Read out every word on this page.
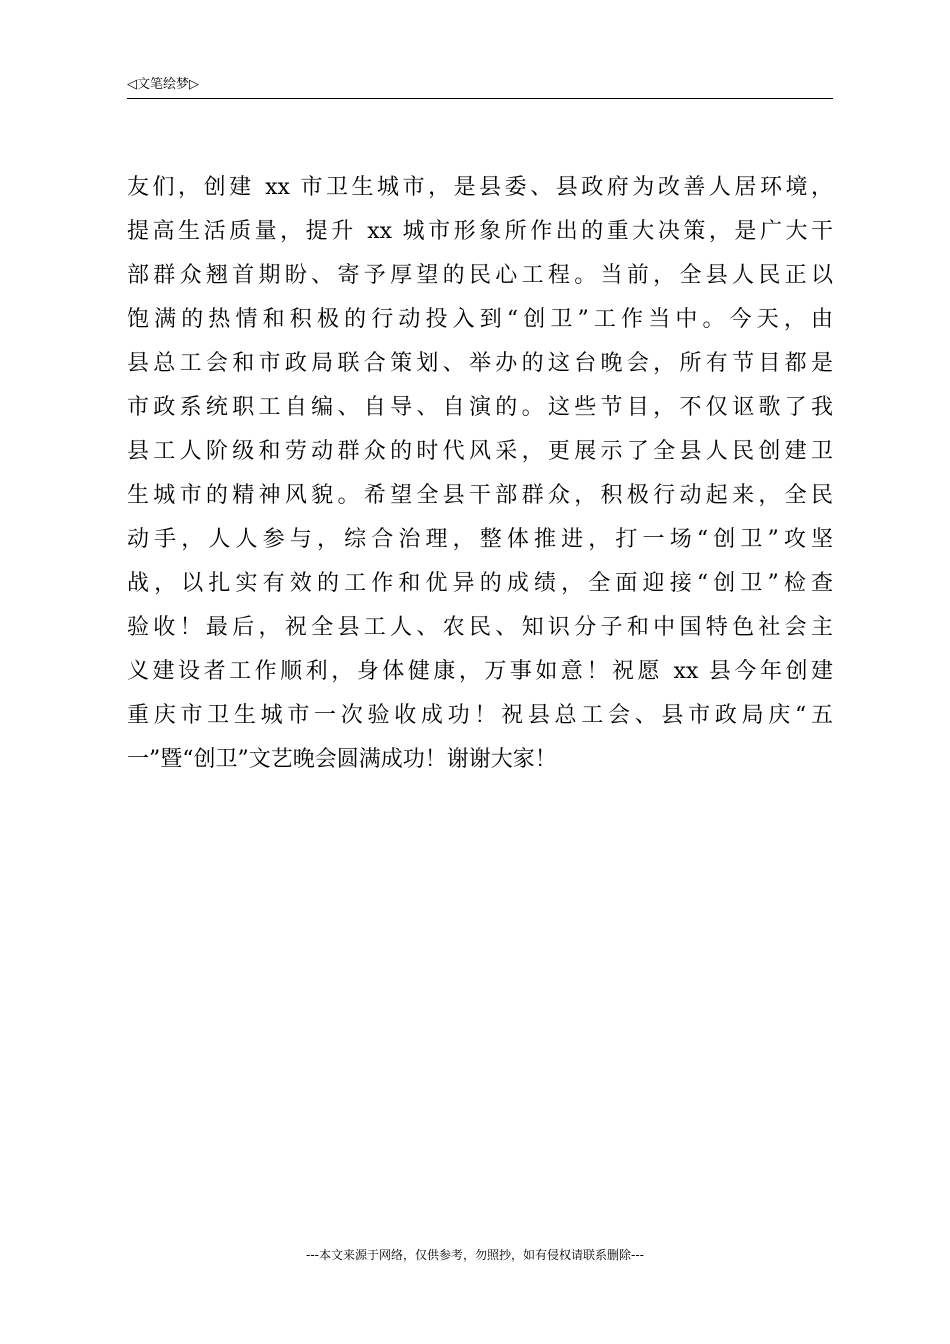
◁文笔绘梦▷
友们，创建 xx 市卫生城市，是县委、县政府为改善人居环境，
提高生活质量，提升 xx 城市形象所作出的重大决策，是广大干
部群众翘首期盼、寄予厚望的民心工程。当前，全县人民正以
饱满的热情和积极的行动投入到“创卫”工作当中。今天，由
县总工会和市政局联合策划、举办的这台晚会，所有节目都是
市政系统职工自编、自导、自演的。这些节目，不仅讴歌了我
县工人阶级和劳动群众的时代风采，更展示了全县人民创建卫
生城市的精神风貌。希望全县干部群众，积极行动起来，全民
动手，人人参与，综合治理，整体推进，打一场“创卫”攻坚
战，以扎实有效的工作和优异的成绩，全面迎接“创卫”检查
验收！最后，祝全县工人、农民、知识分子和中国特色社会主
义建设者工作顺利，身体健康，万事如意！祝愿 xx 县今年创建
重庆市卫生城市一次验收成功！祝县总工会、县市政局庆“五
一”暨“创卫”文艺晚会圆满成功！谢谢大家！
---本文来源于网络，仅供参考，勿照抄，如有侵权请联系删除---
